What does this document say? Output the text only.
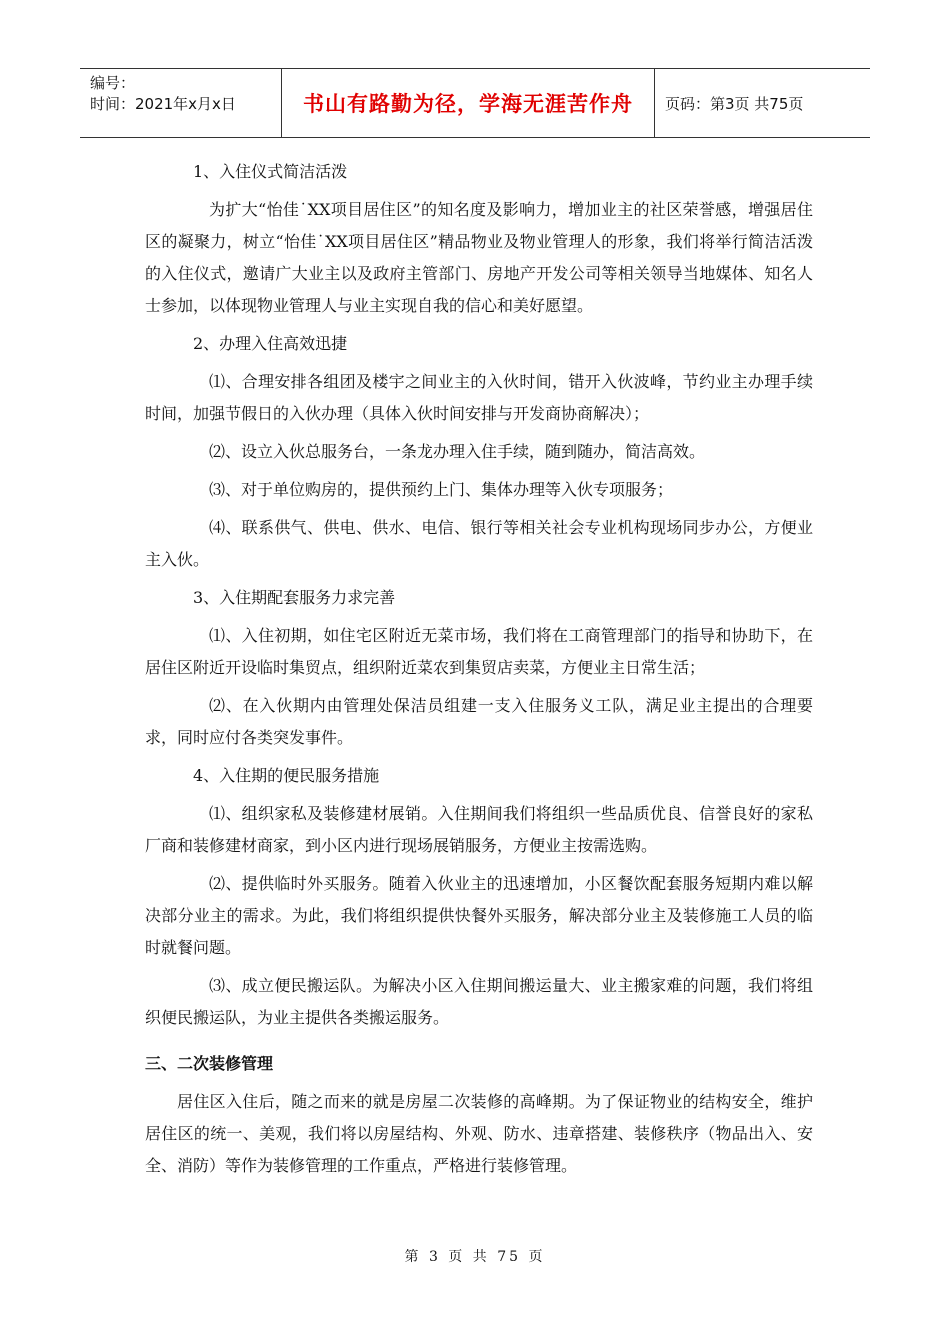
编号：
时间：2021年x月x日	书山有路勤为径，学海无涯苦作舟	页码：第3页 共75页

1、入住仪式简洁活泼

为扩大“怡佳˙XX项目居住区”的知名度及影响力，增加业主的社区荣誉感，增强居住区的凝聚力，树立“怡佳˙XX项目居住区”精品物业及物业管理人的形象，我们将举行简洁活泼的入住仪式，邀请广大业主以及政府主管部门、房地产开发公司等相关领导当地媒体、知名人士参加，以体现物业管理人与业主实现自我的信心和美好愿望。

2、办理入住高效迅捷

⑴、合理安排各组团及楼宇之间业主的入伙时间，错开入伙波峰，节约业主办理手续时间，加强节假日的入伙办理（具体入伙时间安排与开发商协商解决）；

⑵、设立入伙总服务台，一条龙办理入住手续，随到随办，简洁高效。

⑶、对于单位购房的，提供预约上门、集体办理等入伙专项服务；

⑷、联系供气、供电、供水、电信、银行等相关社会专业机构现场同步办公，方便业主入伙。

3、入住期配套服务力求完善

⑴、入住初期，如住宅区附近无菜市场，我们将在工商管理部门的指导和协助下，在居住区附近开设临时集贸点，组织附近菜农到集贸店卖菜，方便业主日常生活；

⑵、在入伙期内由管理处保洁员组建一支入住服务义工队，满足业主提出的合理要求，同时应付各类突发事件。

4、入住期的便民服务措施

⑴、组织家私及装修建材展销。入住期间我们将组织一些品质优良、信誉良好的家私厂商和装修建材商家，到小区内进行现场展销服务，方便业主按需选购。

⑵、提供临时外买服务。随着入伙业主的迅速增加，小区餐饮配套服务短期内难以解决部分业主的需求。为此，我们将组织提供快餐外买服务，解决部分业主及装修施工人员的临时就餐问题。

⑶、成立便民搬运队。为解决小区入住期间搬运量大、业主搬家难的问题，我们将组织便民搬运队，为业主提供各类搬运服务。

三、二次装修管理

居住区入住后，随之而来的就是房屋二次装修的高峰期。为了保证物业的结构安全，维护居住区的统一、美观，我们将以房屋结构、外观、防水、违章搭建、装修秩序（物品出入、安全、消防）等作为装修管理的工作重点，严格进行装修管理。

第 3 页 共 75 页
